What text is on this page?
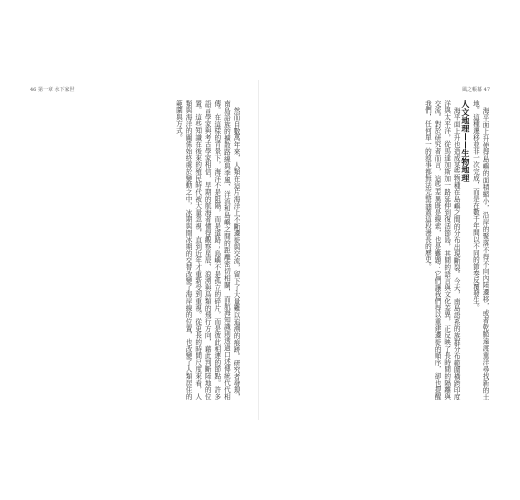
46 第一章 水下家世	風之帳幕 47
然而自數萬年來，人類在這片海洋上不斷遷徙與交流，留下了大量難以追溯的痕跡。研究者發現，南島語族的擴散路線與季風、洋流和島嶼之間的距離密切相關，而航海知識則透過口述傳統代代相傳。在這樣的背景下，海洋不是阻隔，而是道路；島嶼不是孤立的碎片，而是彼此相連的節點。許多語言學家與考古學家相信，早期的航海者懂得觀察星辰、浪湧與鳥類的飛行方向，藉此判斷陸地的位置。這些知識在後來的殖民時代被大量忽視，直到近年才重新受到重視。從更長的時間尺度來看，人類與海洋的關係始終處於變動之中，冰期與間冰期的交替改變了海岸線的位置，也改變了人類居住的範圍與方式。	海平面上升使得島嶼的面積縮小，沿岸的聚落不得不向內陸遷移，或者乾脆遠渡重洋尋找新的土地。這種遷移並非一次完成，而是在數千年間以不同的節奏反覆發生。
人文地理——生物地理
海平面上升也造成某些物種在島嶼之間的分布出現斷裂。今天，南島語系的族群分布範圍橫跨印度洋與太平洋，從馬達加斯加一路延伸到復活節島，其間的語言與文化差異，正反映了長時間的隔離與交流。對於研究者而言，這些差異既是線索，也是難題：它們讓我們得以重建遷徙的順序，卻也提醒我們，任何單一的敘事都無法完整涵蓋這段漫長的歷史。
